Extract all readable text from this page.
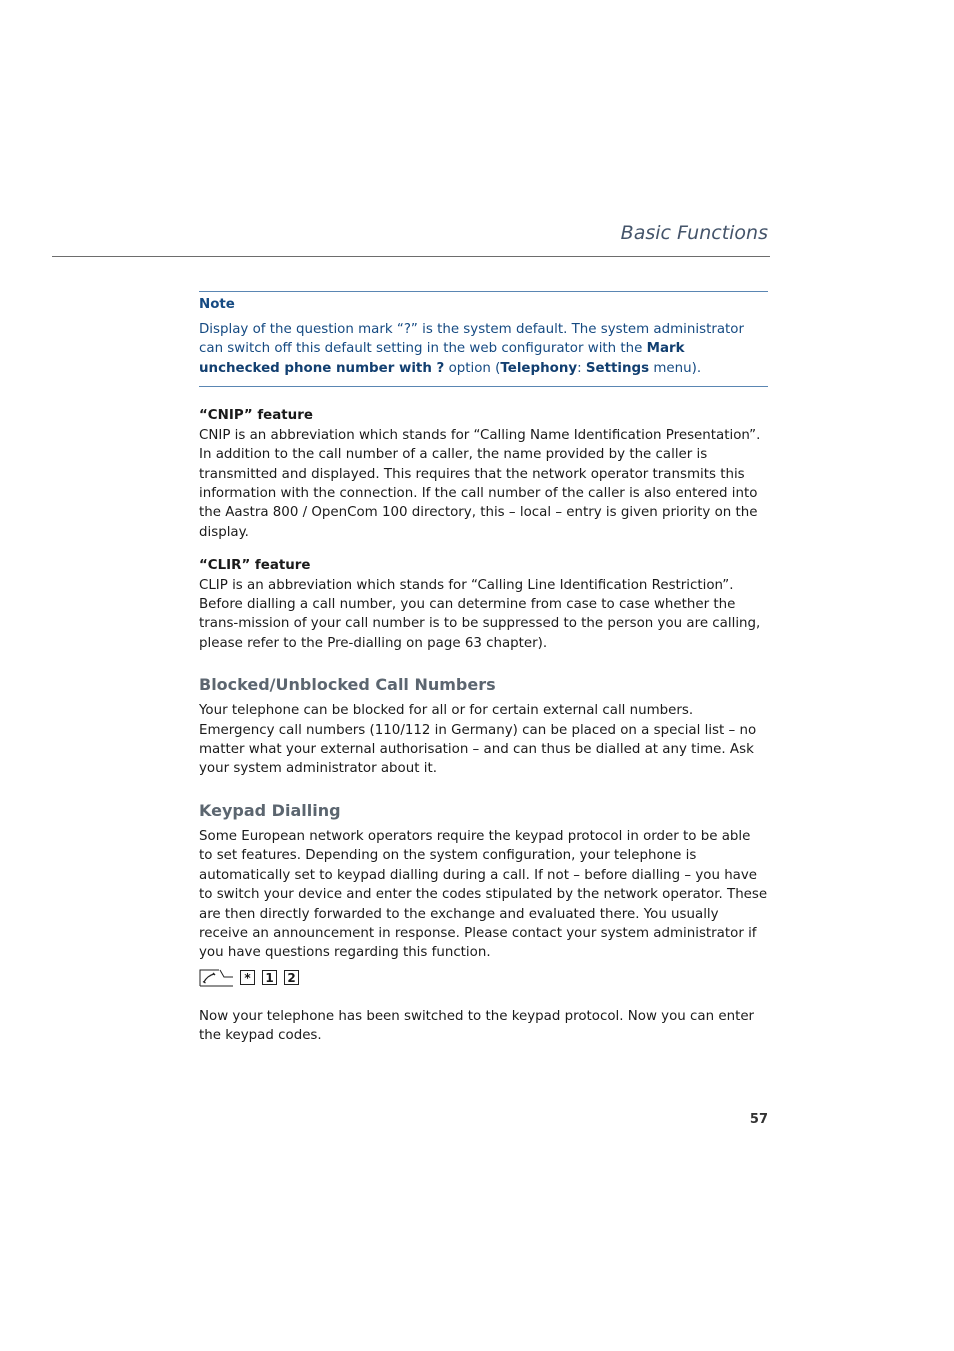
Basic Functions
Note
Display of the question mark “?” is the system default. The system administrator can switch off this default setting in the web configurator with the Mark unchecked phone number with ? option (Telephony: Settings menu).
“CNIP” feature
CNIP is an abbreviation which stands for “Calling Name Identification Presentation”. In addition to the call number of a caller, the name provided by the caller is transmitted and displayed. This requires that the network operator transmits this information with the connection. If the call number of the caller is also entered into the Aastra 800 / OpenCom 100 directory, this – local – entry is given priority on the display.
“CLIR” feature
CLIP is an abbreviation which stands for “Calling Line Identification Restriction”. Before dialling a call number, you can determine from case to case whether the trans-mission of your call number is to be suppressed to the person you are calling, please refer to the Pre-dialling on page 63 chapter).
Blocked/Unblocked Call Numbers
Your telephone can be blocked for all or for certain external call numbers. Emergency call numbers (110/112 in Germany) can be placed on a special list – no matter what your external authorisation – and can thus be dialled at any time. Ask your system administrator about it.
Keypad Dialling
Some European network operators require the keypad protocol in order to be able to set features. Depending on the system configuration, your telephone is automatically set to keypad dialling during a call. If not – before dialling – you have to switch your device and enter the codes stipulated by the network operator. These are then directly forwarded to the exchange and evaluated there. You usually receive an announcement in response. Please contact your system administrator if you have questions regarding this function.
*	1 2
Now your telephone has been switched to the keypad protocol. Now you can enter the keypad codes.
57
